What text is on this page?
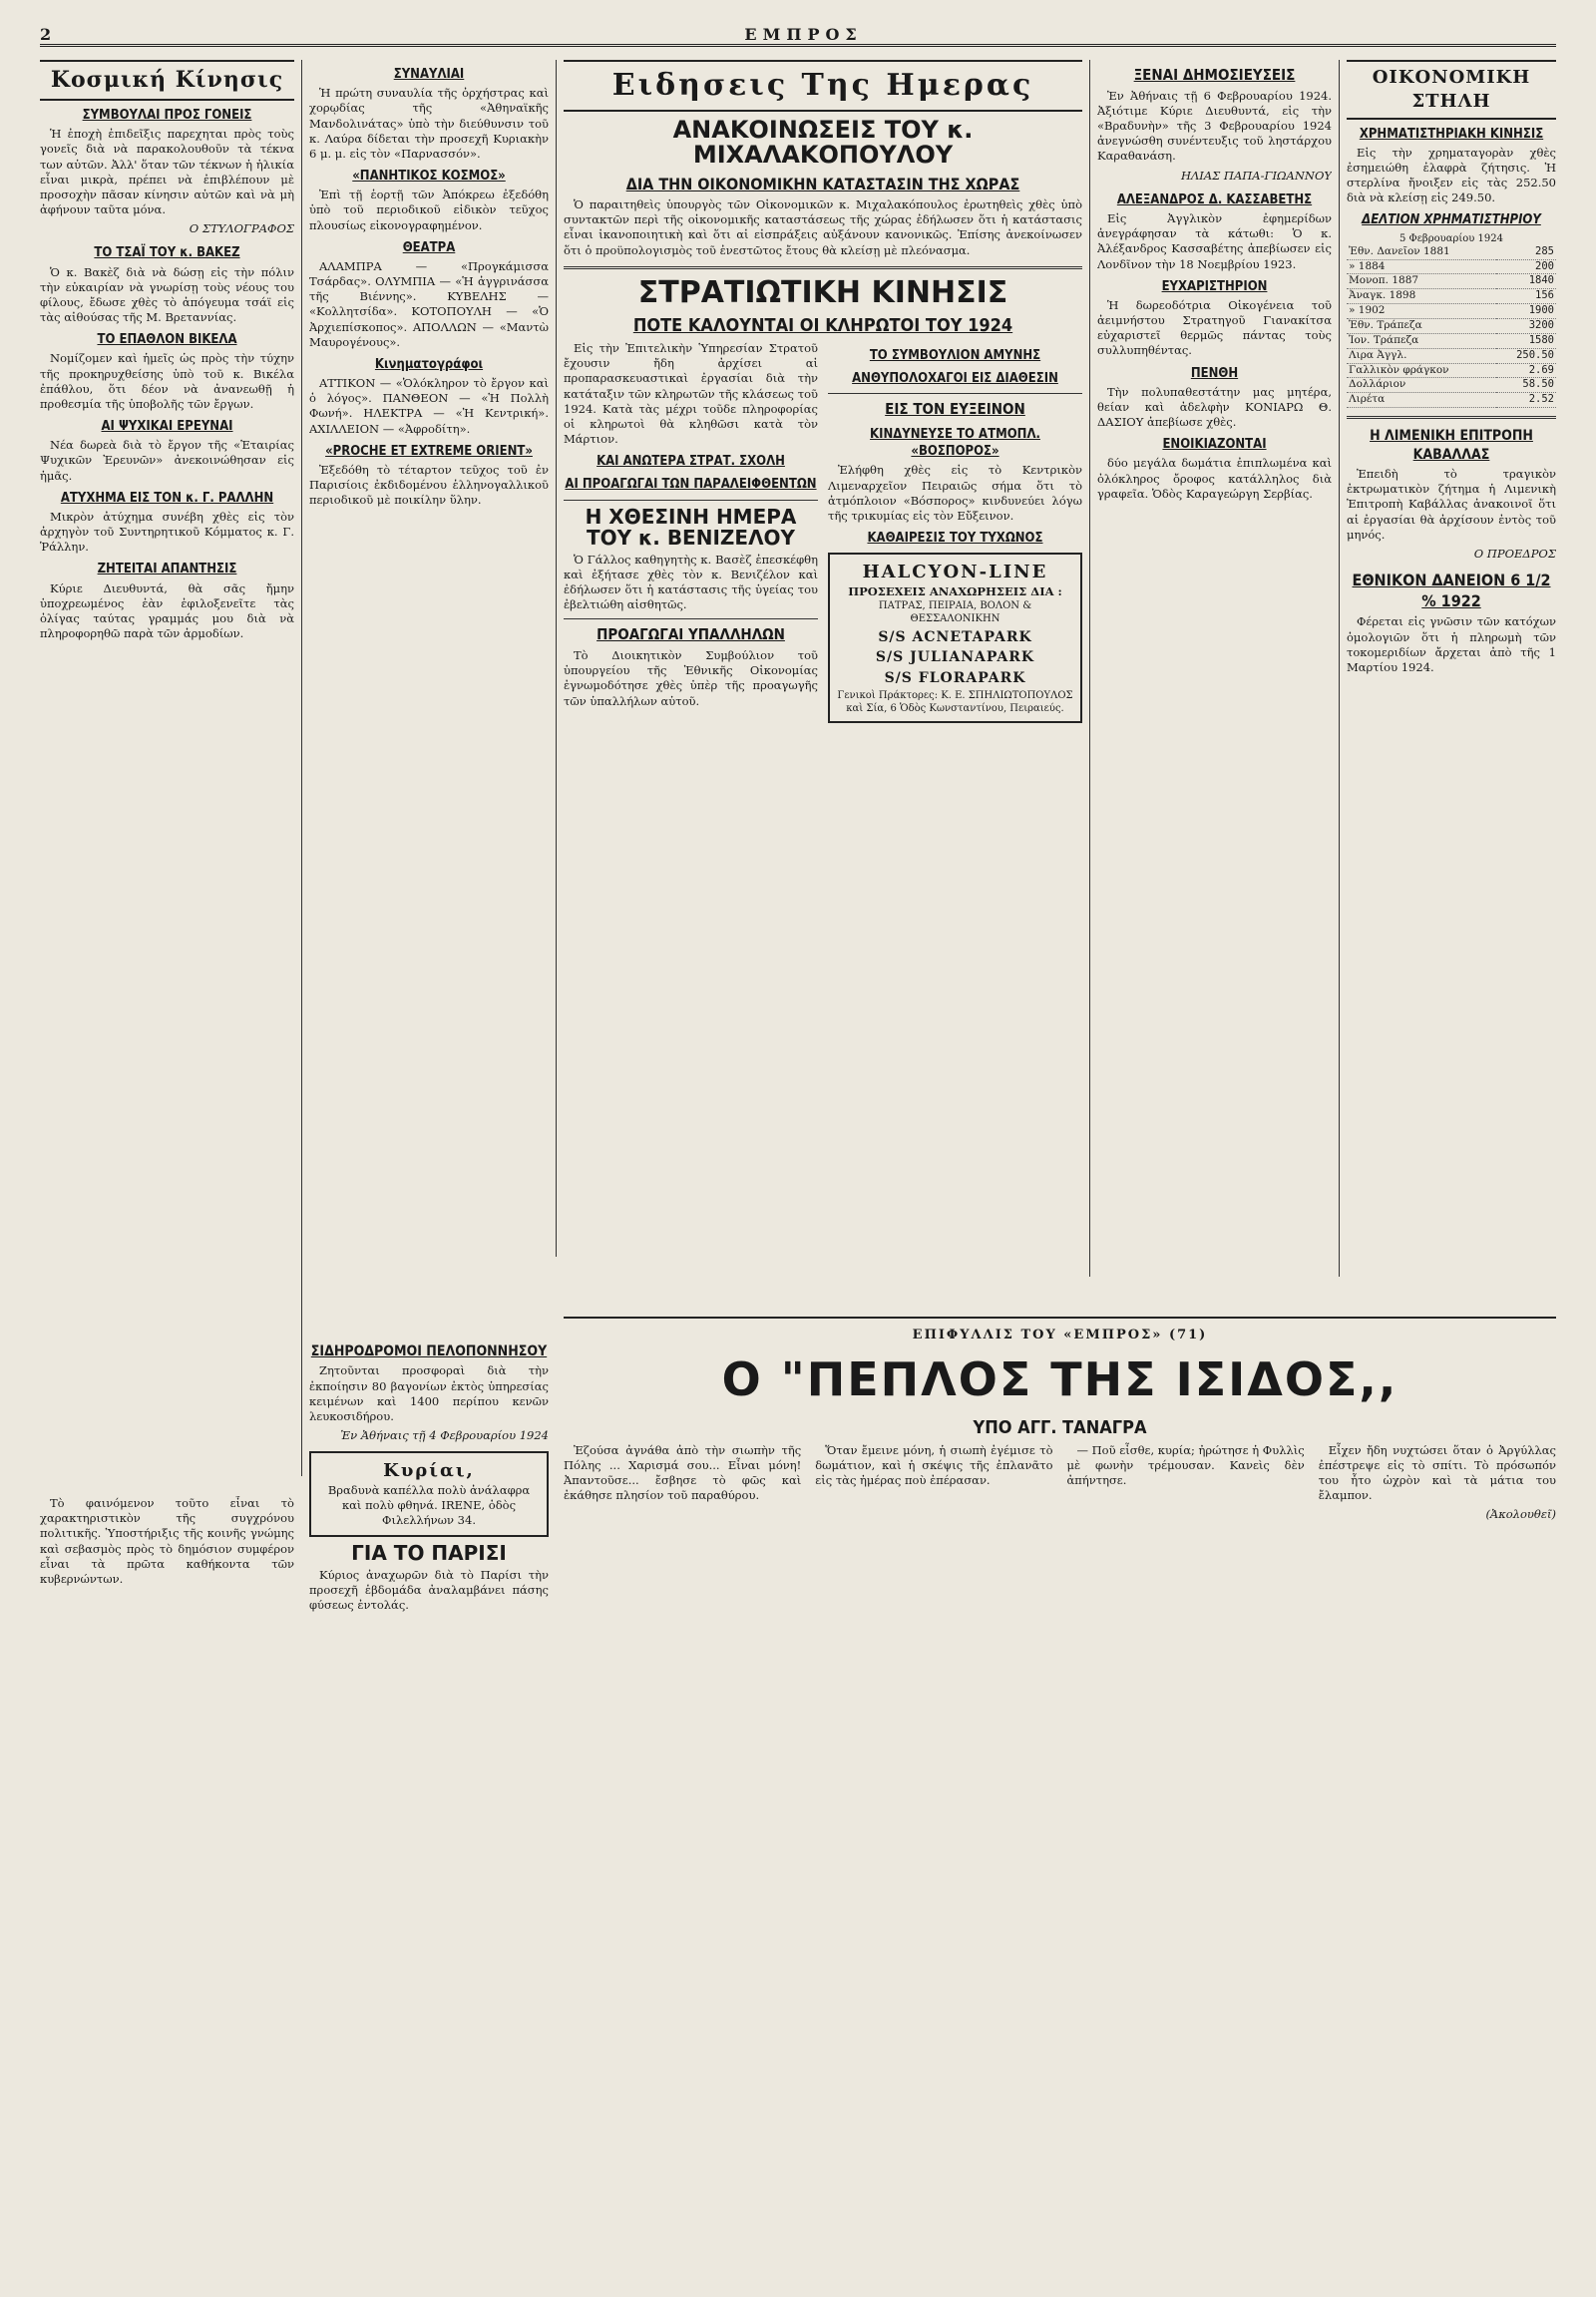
2	ΕΜΠΡΟΣ
Κοσμική Κίνησις
ΣΥΜΒΟΥΛΑΙ ΠΡΟΣ ΓΟΝΕΙΣ

Ἡ ἐποχὴ ἐπιδεῖξις παρεχηται πρὸς τοὺς γονεῖς διὰ νὰ παρακολουθοῦν τὰ τέκνα των αὐτῶν. Ἀλλ' ὅταν τῶν τέκνων ἡ ἡλικία εἶναι μικρὰ, πρέπει νὰ ἐπιβλέπουν μὲ προσοχὴν πᾶσαν κίνησιν αὐτῶν καὶ νὰ μὴ ἀφήνουν ταῦτα μόνα.

Ο ΣΤΥΛΟΓΡΑΦΟΣ
ΤΟ ΤΣΑΪ ΤΟΥ κ. ΒΑΚΕΖ

Ὁ κ. Βακὲζ διὰ νὰ δώσῃ εἰς τὴν πόλιν τὴν εὐκαιρίαν νὰ γνωρίσῃ τοὺς νέους του φίλους, ἔδωσε χθὲς τὸ ἀπόγευμα τσάϊ εἰς τὰς αἰθούσας τῆς Μ. Βρεταννίας.

ΤΟ ΕΠΑΘΛΟΝ ΒΙΚΕΛΑ

Νομίζομεν καὶ ἡμεῖς ὡς πρὸς τὴν τύχην τῆς προκηρυχθείσης ὑπὸ τοῦ κ. Βικέλα ἐπάθλου, ὅτι δέον νὰ ἀνανεωθῇ ἡ προθεσμία τῆς ὑποβολῆς τῶν ἔργων.

ΑΙ ΨΥΧΙΚΑΙ ΕΡΕΥΝΑΙ

Νέα δωρεὰ διὰ τὸ ἔργον τῆς «Ἑταιρίας Ψυχικῶν Ἐρευνῶν» ἀνεκοινώθησαν εἰς ἡμᾶς.

ΑΤΥΧΗΜΑ ΕΙΣ ΤΟΝ κ. Γ. ΡΑΛΛΗΝ

Μικρὸν ἀτύχημα συνέβη χθὲς εἰς τὸν ἀρχηγὸν τοῦ Συντηρητικοῦ Κόμματος κ. Γ. Ῥάλλην.

ΖΗΤΕΙΤΑΙ ΑΠΑΝΤΗΣΙΣ

Κύριε Διευθυντά, θὰ σᾶς ἤμην ὑποχρεωμένος ἐὰν ἐφιλοξενεῖτε τὰς ὀλίγας ταύτας γραμμάς μου διὰ νὰ πληροφορηθῶ παρὰ τῶν ἁρμοδίων.

ΣΥΝΑΥΛΙΑΙ

Ἡ πρώτη συναυλία τῆς ὀρχήστρας καὶ χορῳδίας τῆς «Ἀθηναϊκῆς Μανδολινάτας» ὑπὸ τὴν διεύθυνσιν τοῦ κ. Λαύρα δίδεται τὴν προσεχῆ Κυριακὴν 6 μ. μ. εἰς τὸν «Παρνασσόν».

«ΠΑΝΗΤΙΚΟΣ ΚΟΣΜΟΣ»

Ἐπὶ τῇ ἑορτῇ τῶν Ἀπόκρεω ἐξεδόθη ὑπὸ τοῦ περιοδικοῦ εἰδικὸν τεῦχος πλουσίως εἰκονογραφημένον.

ΘΕΑΤΡΑ

ΑΛΑΜΠΡΑ — «Προγκάμισσα Τσάρδας». ΟΛΥΜΠΙΑ — «Ἡ ἀγγρινάσσα τῆς Βιέννης». ΚΥΒΕΛΗΣ — «Κολλητσίδα». ΚΟΤΟΠΟΥΛΗ — «Ὁ Ἀρχιεπίσκοπος». ΑΠΟΛΛΩΝ — «Μαντὼ Μαυρογένους».

Κινηματογράφοι

ΑΤΤΙΚΟΝ — «Ὁλόκληρον τὸ ἔργον καὶ ὁ λόγος». ΠΑΝΘΕΟΝ — «Ἡ Πολλὴ Φωνή». ΗΛΕΚΤΡΑ — «Ἡ Κεντρική». ΑΧΙΛΛΕΙΟΝ — «Ἀφροδίτη».

«PROCHE ET EXTREME ORIENT»

Ἐξεδόθη τὸ τέταρτον τεῦχος τοῦ ἐν Παρισίοις ἐκδιδομένου ἑλληνογαλλικοῦ περιοδικοῦ μὲ ποικίλην ὕλην.

Ειδησεις Της Ημερας
ΑΝΑΚΟΙΝΩΣΕΙΣ ΤΟΥ κ. ΜΙΧΑΛΑΚΟΠΟΥΛΟΥ
ΔΙΑ ΤΗΝ ΟΙΚΟΝΟΜΙΚΗΝ ΚΑΤΑΣΤΑΣΙΝ ΤΗΣ ΧΩΡΑΣ

Ὁ παραιτηθεὶς ὑπουργὸς τῶν Οἰκονομικῶν κ. Μιχαλακόπουλος ἐρωτηθεὶς χθὲς ὑπὸ συντακτῶν περὶ τῆς οἰκονομικῆς καταστάσεως τῆς χώρας ἐδήλωσεν ὅτι ἡ κατάστασις εἶναι ἱκανοποιητικὴ καὶ ὅτι αἱ εἰσπράξεις αὐξάνουν κανονικῶς. Ἐπίσης ἀνεκοίνωσεν ὅτι ὁ προϋπολογισμὸς τοῦ ἐνεστῶτος ἔτους θὰ κλείσῃ μὲ πλεόνασμα.

ΣΤΡΑΤΙΩΤΙΚΗ ΚΙΝΗΣΙΣ
ΠΟΤΕ ΚΑΛΟΥΝΤΑΙ ΟΙ ΚΛΗΡΩΤΟΙ ΤΟΥ 1924

Εἰς τὴν Ἐπιτελικὴν Ὑπηρεσίαν Στρατοῦ ἔχουσιν ἤδη ἀρχίσει αἱ προπαρασκευαστικαὶ ἐργασίαι διὰ τὴν κατάταξιν τῶν κληρωτῶν τῆς κλάσεως τοῦ 1924. Κατὰ τὰς μέχρι τοῦδε πληροφορίας οἱ κληρωτοὶ θὰ κληθῶσι κατὰ τὸν Μάρτιον.

ΚΑΙ ΑΝΩΤΕΡΑ ΣΤΡΑΤ. ΣΧΟΛΗ
ΑΙ ΠΡΟΑΓΩΓΑΙ ΤΩΝ ΠΑΡΑΛΕΙΦΘΕΝΤΩΝ
Η ΧΘΕΣΙΝΗ ΗΜΕΡΑ ΤΟΥ κ. ΒΕΝΙΖΕΛΟΥ

Ὁ Γάλλος καθηγητὴς κ. Βασὲζ ἐπεσκέφθη καὶ ἐξήτασε χθὲς τὸν κ. Βενιζέλον καὶ ἐδήλωσεν ὅτι ἡ κατάστασις τῆς ὑγείας του ἐβελτιώθη αἰσθητῶς.

ΠΡΟΑΓΩΓΑΙ ΥΠΑΛΛΗΛΩΝ

Τὸ Διοικητικὸν Συμβούλιον τοῦ ὑπουργείου τῆς Ἐθνικῆς Οἰκονομίας ἐγνωμοδότησε χθὲς ὑπὲρ τῆς προαγωγῆς τῶν ὑπαλλήλων αὐτοῦ.

ΤΟ ΣΥΜΒΟΥΛΙΟΝ ΑΜΥΝΗΣ
ΑΝΘΥΠΟΛΟΧΑΓΟΙ ΕΙΣ ΔΙΑΘΕΣΙΝ
ΕΙΣ ΤΟΝ ΕΥΞΕΙΝΟΝ
ΚΙΝΔΥΝΕΥΣΕ ΤΟ ΑΤΜΟΠΛ. «ΒΟΣΠΟΡΟΣ»

Ἐλήφθη χθὲς εἰς τὸ Κεντρικὸν Λιμεναρχεῖον Πειραιῶς σήμα ὅτι τὸ ἀτμόπλοιον «Βόσπορος» κινδυνεύει λόγω τῆς τρικυμίας εἰς τὸν Εὔξεινον.

ΚΑΘΑΙΡΕΣΙΣ ΤΟΥ ΤΥΧΩΝΟΣ
HALCYON-LINE
ΠΡΟΣΕΧΕΙΣ ΑΝΑΧΩΡΗΣΕΙΣ ΔΙΑ :
ΠΑΤΡΑΣ, ΠΕΙΡΑΙΑ, ΒΟΛΟΝ & ΘΕΣΣΑΛΟΝΙΚΗΝ
S/S ACNETAPARK
S/S JULIANAPARK
S/S FLORAPARK
Γενικοὶ Πράκτορες: Κ. Ε. ΣΠΗΛΙΩΤΟΠΟΥΛΟΣ καὶ Σία, 6 Ὁδὸς Κωνσταντίνου, Πειραιεύς.
ΞΕΝΑΙ ΔΗΜΟΣΙΕΥΣΕΙΣ

Ἐν Ἀθήναις τῇ 6 Φεβρουαρίου 1924. Ἀξιότιμε Κύριε Διευθυντά, εἰς τὴν «Βραδυνὴν» τῆς 3 Φεβρουαρίου 1924 ἀνεγνώσθη συνέντευξις τοῦ ληστάρχου Καραθανάση.

ΗΛΙΑΣ ΠΑΠΑ-ΓΙΩΑΝΝΟΥ
ΑΛΕΞΑΝΔΡΟΣ Δ. ΚΑΣΣΑΒΕΤΗΣ

Εἰς Ἀγγλικὸν ἐφημερίδων ἀνεγράφησαν τὰ κάτωθι: Ὁ κ. Ἀλέξανδρος Κασσαβέτης ἀπεβίωσεν εἰς Λονδῖνον τὴν 18 Νοεμβρίου 1923.

ΕΥΧΑΡΙΣΤΗΡΙΟΝ

Ἡ δωρεοδότρια Οἰκογένεια τοῦ ἀειμνήστου Στρατηγοῦ Γιανακίτσα εὐχαριστεῖ θερμῶς πάντας τοὺς συλλυπηθέντας.

ΠΕΝΘΗ

Τὴν πολυπαθεστάτην μας μητέρα, θείαν καὶ ἀδελφὴν ΚΟΝΙΑΡΩ Θ. ΔΑΣΙΟΥ ἀπεβίωσε χθὲς.

ΕΝΟΙΚΙΑΖΟΝΤΑΙ

δύο μεγάλα δωμάτια ἐπιπλωμένα καὶ ὀλόκληρος ὄροφος κατάλληλος διὰ γραφεῖα. Ὁδὸς Καραγεώργη Σερβίας.

ΟΙΚΟΝΟΜΙΚΗ ΣΤΗΛΗ
ΧΡΗΜΑΤΙΣΤΗΡΙΑΚΗ ΚΙΝΗΣΙΣ

Εἰς τὴν χρηματαγορὰν χθὲς ἐσημειώθη ἐλαφρὰ ζήτησις. Ἡ στερλίνα ἤνοιξεν εἰς τὰς 252.50 διὰ νὰ κλείσῃ εἰς 249.50.

ΔΕΛΤΙΟΝ ΧΡΗΜΑΤΙΣΤΗΡΙΟΥ
5 Φεβρουαρίου 1924
Ἐθν. Δανεῖον 1881	285
» 1884	200
Μονοπ. 1887	1840
Ἀναγκ. 1898	156
» 1902	1900
Ἐθν. Τράπεζα	3200
Ἰον. Τράπεζα	1580
Λιρα Ἀγγλ.	250.50
Γαλλικὸν φράγκον	2.69
Δολλάριον	58.50
Λιρέτα	2.52
Η ΛΙΜΕΝΙΚΗ ΕΠΙΤΡΟΠΗ ΚΑΒΑΛΛΑΣ

Ἐπειδὴ τὸ τραγικὸν ἐκτρωματικὸν ζήτημα ἡ Λιμενικὴ Ἐπιτροπὴ Καβάλλας ἀνακοινοῖ ὅτι αἱ ἐργασίαι θὰ ἀρχίσουν ἐντὸς τοῦ μηνός.

Ο ΠΡΟΕΔΡΟΣ
ΕΘΝΙΚΟΝ ΔΑΝΕΙΟΝ 6 1/2 % 1922

Φέρεται εἰς γνῶσιν τῶν κατόχων ὁμολογιῶν ὅτι ἡ πληρωμὴ τῶν τοκομεριδίων ἄρχεται ἀπὸ τῆς 1 Μαρτίου 1924.

ΣΙΔΗΡΟΔΡΟΜΟΙ ΠΕΛΟΠΟΝΝΗΣΟΥ

Ζητοῦνται προσφοραὶ διὰ τὴν ἐκποίησιν 80 βαγονίων ἐκτὸς ὑπηρεσίας κειμένων καὶ 1400 περίπου κενῶν λευκοσιδήρου.

Ἐν Ἀθήναις τῇ 4 Φεβρουαρίου 1924
Κυρίαι,
Βραδυνὰ καπέλλα πολὺ ἀνάλαφρα καὶ πολὺ φθηνά. IRENE, ὁδὸς Φιλελλήνων 34.
ΓΙΑ ΤΟ ΠΑΡΙΣΙ

Κύριος ἀναχωρῶν διὰ τὸ Παρίσι τὴν προσεχῆ ἑβδομάδα ἀναλαμβάνει πάσης φύσεως ἐντολάς.

Τὸ φαινόμενον τοῦτο εἶναι τὸ χαρακτηριστικὸν τῆς συγχρόνου πολιτικῆς. Ὑποστήριξις τῆς κοινῆς γνώμης καὶ σεβασμὸς πρὸς τὸ δημόσιον συμφέρον εἶναι τὰ πρῶτα καθήκοντα τῶν κυβερνώντων.

ΕΠΙΦΥΛΛΙΣ ΤΟΥ «ΕΜΠΡΟΣ» (71)
Ο "ΠΕΠΛΟΣ ΤΗΣ ΙΣΙΔΟΣ,,
ΥΠΟ ΑΓΓ. ΤΑΝΑΓΡΑ

Ἐζούσα ἀγνάθα ἀπὸ τὴν σιωπὴν τῆς Πόλης ... Χαρισμά σου... Εἶναι μόνη! Ἀπαντοῦσε... ἔσβησε τὸ φῶς καὶ ἐκάθησε πλησίον τοῦ παραθύρου.

Ὅταν ἔμεινε μόνη, ἡ σιωπὴ ἐγέμισε τὸ δωμάτιον, καὶ ἡ σκέψις τῆς ἐπλανᾶτο εἰς τὰς ἡμέρας ποὺ ἐπέρασαν.

— Ποῦ εἶσθε, κυρία; ἠρώτησε ἡ Φυλλὶς μὲ φωνὴν τρέμουσαν. Κανεὶς δὲν ἀπήντησε.

Εἶχεν ἤδη νυχτώσει ὅταν ὁ Ἀργύλλας ἐπέστρεψε εἰς τὸ σπίτι. Τὸ πρόσωπόν του ἦτο ὠχρὸν καὶ τὰ μάτια του ἔλαμπον.

(Ἀκολουθεῖ)
